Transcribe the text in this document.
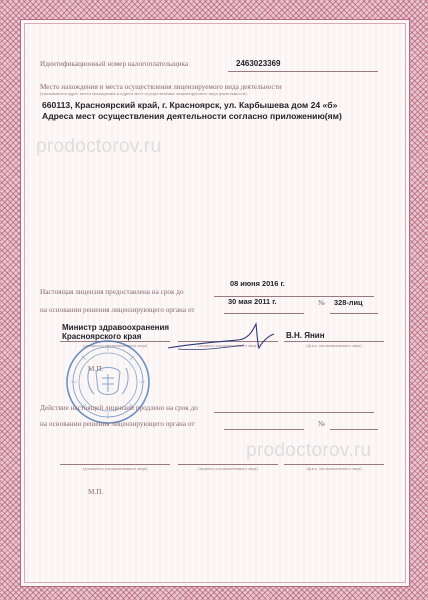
Идентификационный номер налогоплательщика	2463023369
Место нахождения и места осуществления лицензируемого вида деятельности
(указываются адрес места нахождения и адреса мест осуществления лицензируемого вида деятельности)
660113, Красноярский край, г. Красноярск, ул. Карбышева дом 24 «б»
Адреса мест осуществления деятельности согласно приложению(ям)
prodoctorov.ru
Настоящая лицензия предоставлена на срок до
08 июня 2016 г.
на основании решения лицензирующего органа от
30 мая 2011 г.	№ 328-лиц
Министр здравоохранения
Красноярского края	В.Н. Янин
(должность уполномоченного лица)	(подпись уполномоченного лица)	(ф.и.о. уполномоченного лица)
М.П.
Действие настоящей лицензии продлено на срок до
на основании решения лицензирующего органа от	№
prodoctorov.ru
(должность уполномоченного лица)	(подпись уполномоченного лица)	(ф.и.о. уполномоченного лица)
М.П.
